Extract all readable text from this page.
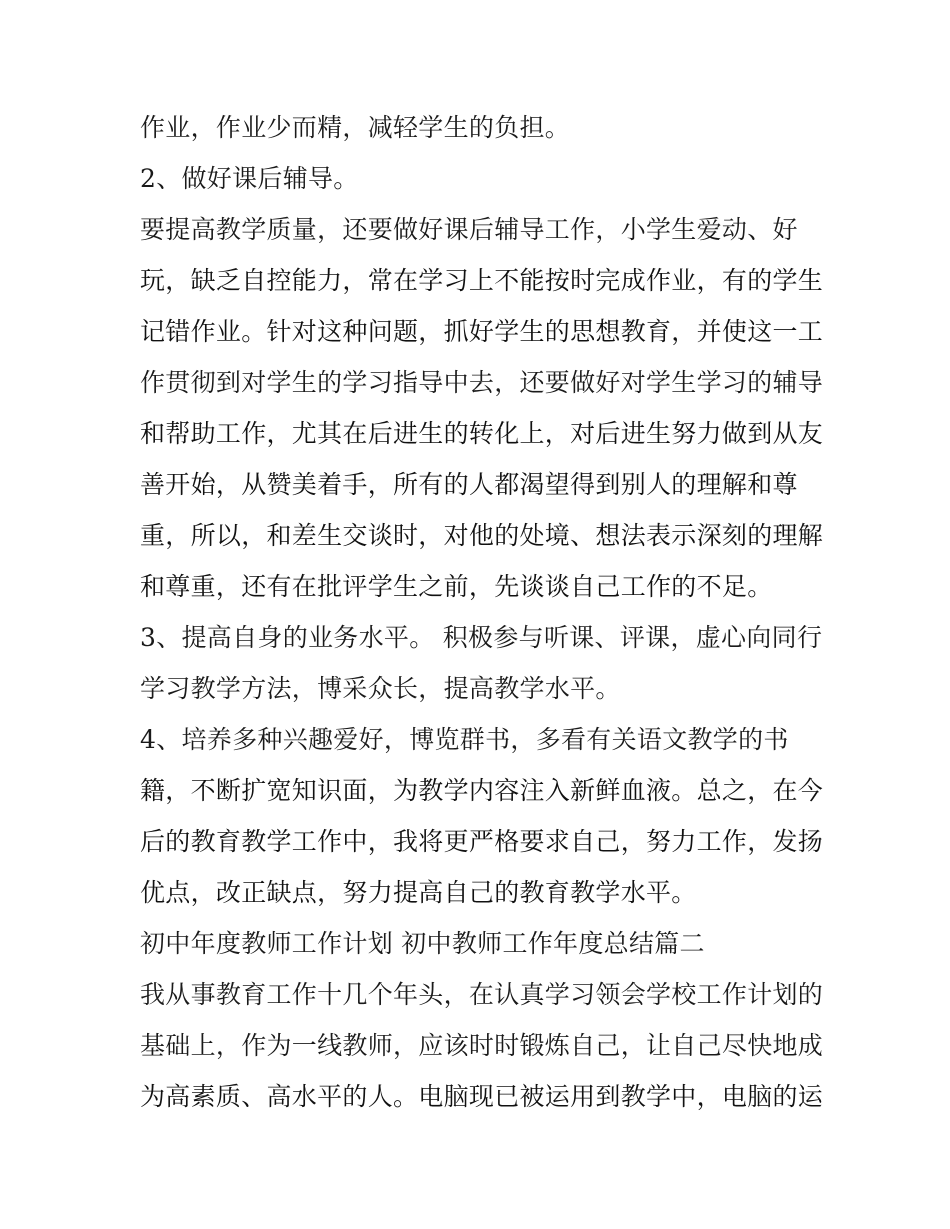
作业，作业少而精，减轻学生的负担。
2、做好课后辅导。
要提高教学质量，还要做好课后辅导工作，小学生爱动、好
玩，缺乏自控能力，常在学习上不能按时完成作业，有的学生
记错作业。针对这种问题，抓好学生的思想教育，并使这一工
作贯彻到对学生的学习指导中去，还要做好对学生学习的辅导
和帮助工作，尤其在后进生的转化上，对后进生努力做到从友
善开始，从赞美着手，所有的人都渴望得到别人的理解和尊
重，所以，和差生交谈时，对他的处境、想法表示深刻的理解
和尊重，还有在批评学生之前，先谈谈自己工作的不足。
3、提高自身的业务水平。 积极参与听课、评课，虚心向同行
学习教学方法，博采众长，提高教学水平。
4、培养多种兴趣爱好，博览群书，多看有关语文教学的书
籍，不断扩宽知识面，为教学内容注入新鲜血液。总之，在今
后的教育教学工作中，我将更严格要求自己，努力工作，发扬
优点，改正缺点，努力提高自己的教育教学水平。
初中年度教师工作计划 初中教师工作年度总结篇二
我从事教育工作十几个年头，在认真学习领会学校工作计划的
基础上，作为一线教师，应该时时锻炼自己，让自己尽快地成
为高素质、高水平的人。电脑现已被运用到教学中，电脑的运
